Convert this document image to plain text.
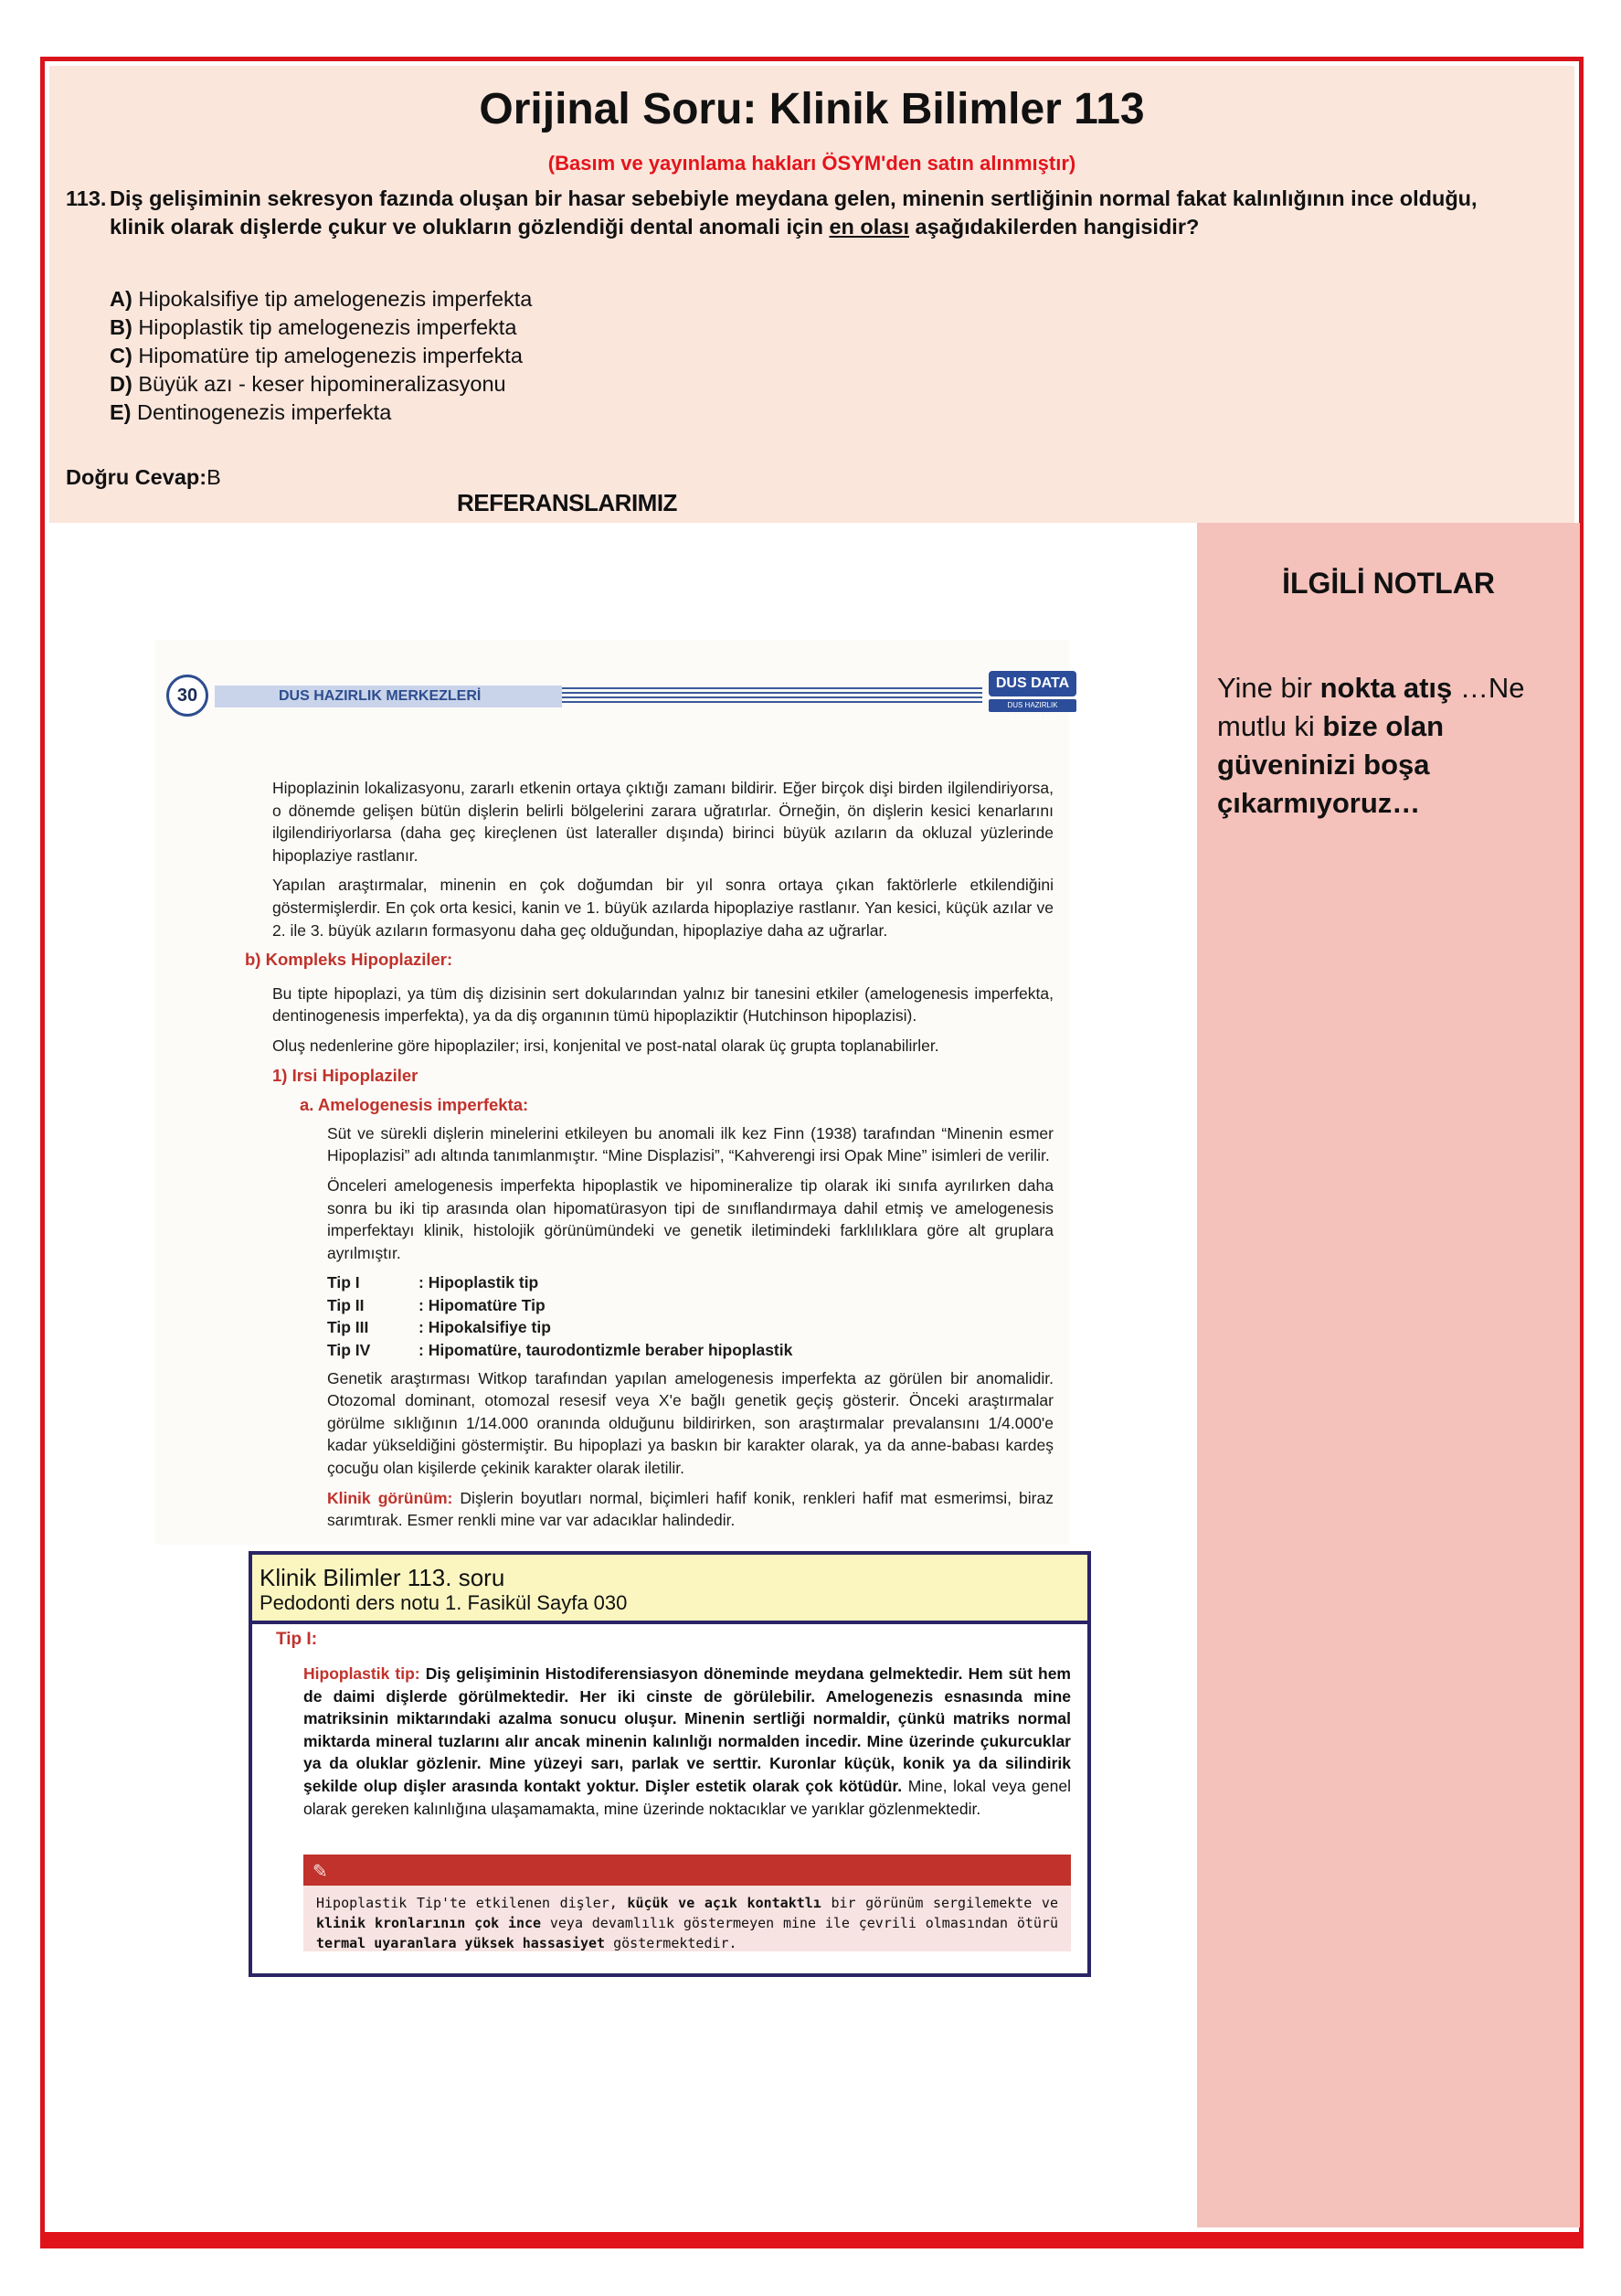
Orijinal Soru: Klinik Bilimler 113
(Basım ve yayınlama hakları ÖSYM'den satın alınmıştır)
113. Diş gelişiminin sekresyon fazında oluşan bir hasar sebebiyle meydana gelen, minenin sertliğinin normal fakat kalınlığının ince olduğu, klinik olarak dişlerde çukur ve olukların gözlendiği dental anomali için en olası aşağıdakilerden hangisidir?
A) Hipokalsifiye tip amelogenezis imperfekta
B) Hipoplastik tip amelogenezis imperfekta
C) Hipomatüre tip amelogenezis imperfekta
D) Büyük azı - keser hipomineralizasyonu
E) Dentinogenezis imperfekta
Doğru Cevap:B
İLGİLİ NOTLAR
Yine bir nokta atış …Ne mutlu ki bize olan güveninizi boşa çıkarmıyoruz…
REFERANSLARIMIZ
Hipoplazinin lokalizasyonu, zararlı etkenin ortaya çıktığı zamanı bildirir. Eğer birçok dişi birden ilgilendiriyorsa, o dönemde gelişen bütün dişlerin belirli bölgelerini zarara uğratırlar. Örneğin, ön dişlerin kesici kenarlarını ilgilendiriyorlarsa (daha geç kireçlenen üst lateraller dışında) birinci büyük azıların da okluzal yüzlerinde hipoplaziye rastlanır.
Yapılan araştırmalar, minenin en çok doğumdan bir yıl sonra ortaya çıkan faktörlerle etkilendiğini göstermişlerdir. En çok orta kesici, kanin ve 1. büyük azılarda hipoplaziye rastlanır. Yan kesici, küçük azılar ve 2. ile 3. büyük azıların formasyonu daha geç olduğundan, hipoplaziye daha az uğrarlar.
b) Kompleks Hipoplaziler:
Bu tipte hipoplazi, ya tüm diş dizisinin sert dokularından yalnız bir tanesini etkiler (amelogenesis imperfekta, dentinogenesis imperfekta), ya da diş organının tümü hipoplaziktir (Hutchinson hipoplazisi).
Oluş nedenlerine göre hipoplaziler; irsi, konjenital ve post-natal olarak üç grupta toplanabilirler.
1) Irsi Hipoplaziler
a. Amelogenesis imperfekta:
Süt ve sürekli dişlerin minelerini etkileyen bu anomali ilk kez Finn (1938) tarafından “Minenin esmer Hipoplazisi” adı altında tanımlanmıştır. “Mine Displazisi”, “Kahverengi irsi Opak Mine” isimleri de verilir.
Önceleri amelogenesis imperfekta hipoplastik ve hipomineralize tip olarak iki sınıfa ayrılırken daha sonra bu iki tip arasında olan hipomatürasyon tipi de sınıflandırmaya dahil etmiş ve amelogenesis imperfektayı klinik, histolojik görünümündeki ve genetik iletimindeki farklılıklara göre alt gruplara ayrılmıştır.
Tip I	: Hipoplastik tip
Tip II	: Hipomatüre Tip
Tip III	: Hipokalsifiye tip
Tip IV	: Hipomatüre, taurodontizmle beraber hipoplastik
Genetik araştırması Witkop tarafından yapılan amelogenesis imperfekta az görülen bir anomalidir. Otozomal dominant, otomozal resesif veya X'e bağlı genetik geçiş gösterir. Önceki araştırmalar görülme sıklığının 1/14.000 oranında olduğunu bildirirken, son araştırmalar prevalansını 1/4.000'e kadar yükseldiğini göstermiştir. Bu hipoplazi ya baskın bir karakter olarak, ya da anne-babası kardeş çocuğu olan kişilerde çekinik karakter olarak iletilir.
Klinik görünüm: Dişlerin boyutları normal, biçimleri hafif konik, renkleri hafif mat esmerimsi, biraz sarımtırak. Esmer renkli mine var var adacıklar halindedir.
30	DUS HAZIRLIK MERKEZLERİ
DUS DATA
DUS HAZIRLIK MERKEZLERİ
Klinik Bilimler 113. soru
Pedodonti ders notu 1. Fasikül Sayfa 030
Tip I:
Hipoplastik tip: Diş gelişiminin Histodiferensiasyon döneminde meydana gelmektedir. Hem süt hem de daimi dişlerde görülmektedir. Her iki cinste de görülebilir. Amelogenezis esnasında mine matriksinin miktarındaki azalma sonucu oluşur. Minenin sertliği normaldir, çünkü matriks normal miktarda mineral tuzlarını alır ancak minenin kalınlığı normalden incedir. Mine üzerinde çukurcuklar ya da oluklar gözlenir. Mine yüzeyi sarı, parlak ve serttir. Kuronlar küçük, konik ya da silindirik şekilde olup dişler arasında kontakt yoktur. Dişler estetik olarak çok kötüdür. Mine, lokal veya genel olarak gereken kalınlığına ulaşamamakta, mine üzerinde noktacıklar ve yarıklar gözlenmektedir.
✎
Hipoplastik Tip'te etkilenen dişler, küçük ve açık kontaktlı bir görünüm sergilemekte ve klinik kronlarının çok ince veya devamlılık göstermeyen mine ile çevrili olmasından ötürü termal uyaranlara yüksek hassasiyet göstermektedir.
